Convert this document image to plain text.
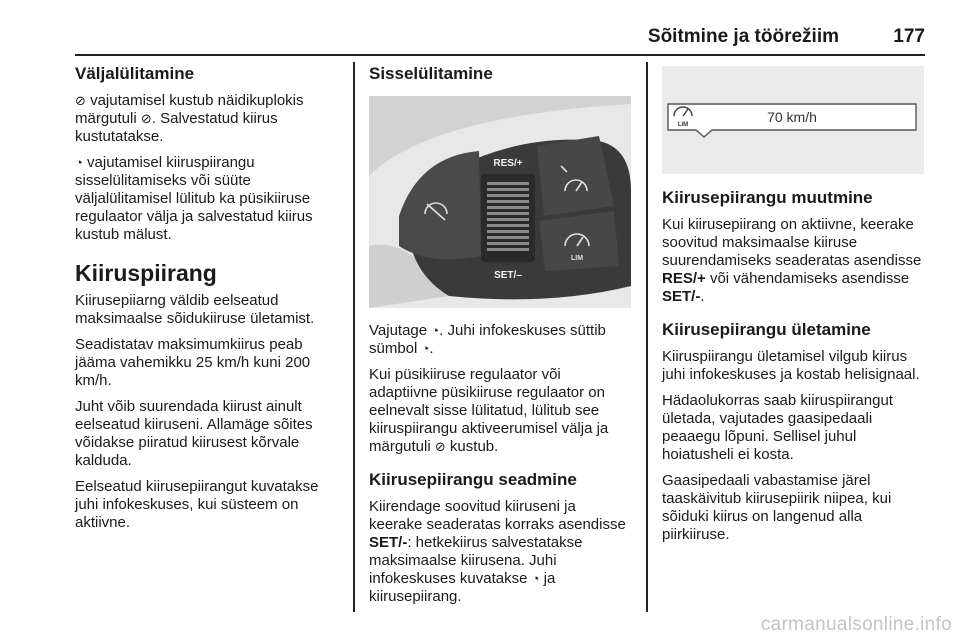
Sõitmine ja töörežiim	177
Väljalülitamine

⊘ vajutamisel kustub näidikuplokis märgutuli ⊘. Salvestatud kiirus kustutatakse.

◔ vajutamisel kiiruspiirangu sisselülitamiseks või süüte väljalülitamisel lülitub ka püsikiiruse regulaator välja ja salvestatud kiirus kustub mälust.

Kiiruspiirang

Kiirusepiiarng väldib eelseatud maksimaalse sõidukiiruse ületamist.

Seadistatav maksimumkiirus peab jääma vahemikku 25 km/h kuni 200 km/h.

Juht võib suurendada kiirust ainult eelseatud kiiruseni. Allamäge sõites võidakse piiratud kiirusest kõrvale kalduda.

Eelseatud kiirusepiirangut kuvatakse juhi infokeskuses, kui süsteem on aktiivne.

Sisselülitamine
RES/+
SET/–
LIM

Vajutage ◔. Juhi infokeskuses süttib sümbol ◔.

Kui püsikiiruse regulaator või adaptiivne püsikiiruse regulaator on eelnevalt sisse lülitatud, lülitub see kiiruspiirangu aktiveerumisel välja ja märgutuli ⊘ kustub.

Kiirusepiirangu seadmine

Kiirendage soovitud kiiruseni ja keerake seaderatas korraks asendisse SET/-: hetkekiirus salvestatakse maksimaalse kiirusena. Juhi infokeskuses kuvatakse ◔ ja kiirusepiirang.

LIM	70 km/h
Kiirusepiirangu muutmine

Kui kiirusepiirang on aktiivne, keerake soovitud maksimaalse kiiruse suurendamiseks seaderatas asendisse RES/+ või vähendamiseks asendisse SET/-.

Kiirusepiirangu ületamine

Kiiruspiirangu ületamisel vilgub kiirus juhi infokeskuses ja kostab helisignaal.

Hädaolukorras saab kiiruspiirangut ületada, vajutades gaasipedaali peaaegu lõpuni. Sellisel juhul hoiatusheli ei kosta.

Gaasipedaali vabastamise järel taaskäivitub kiirusepiirik niipea, kui sõiduki kiirus on langenud alla piirkiiruse.

carmanualsonline.info
